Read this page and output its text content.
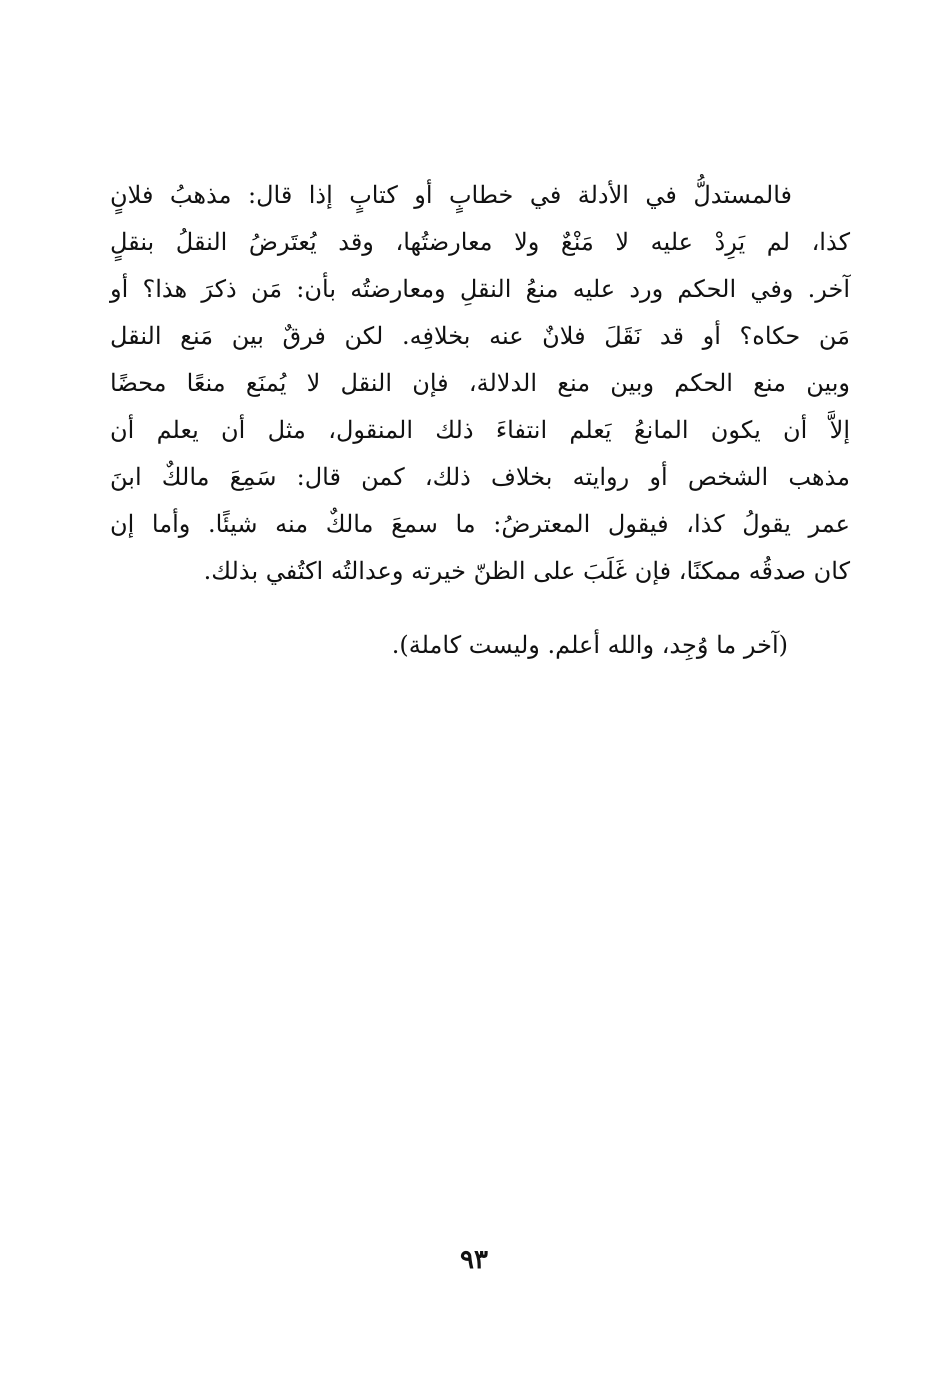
فالمستدلُّ في الأدلة في خطابٍ أو كتابٍ إذا قال: مذهبُ فلانٍ
كذا، لم يَرِدْ عليه لا مَنْعٌ ولا معارضتُها، وقد يُعتَرضُ النقلُ بنقلٍ
آخر. وفي الحكم ورد عليه منعُ النقلِ ومعارضتُه بأن: مَن ذكرَ هذا؟ أو
مَن حكاه؟ أو قد نَقَلَ فلانٌ عنه بخلافِه. لكن فرقٌ بين مَنع النقل
وبين منع الحكم وبين منع الدلالة، فإن النقل لا يُمنَع منعًا محضًا
إلاَّ أن يكون المانعُ يَعلم انتفاءَ ذلك المنقول، مثل أن يعلم أن
مذهب الشخص أو روايته بخلاف ذلك، كمن قال: سَمِعَ مالكٌ ابنَ
عمر يقولُ كذا، فيقول المعترضُ: ما سمعَ مالكٌ منه شيئًا. وأما إن
كان صدقُه ممكنًا، فإن غَلَبَ على الظنّ خيرته وعدالتُه اكتُفي بذلك.
(آخر ما وُجِد، والله أعلم. وليست كاملة).
٩٣
